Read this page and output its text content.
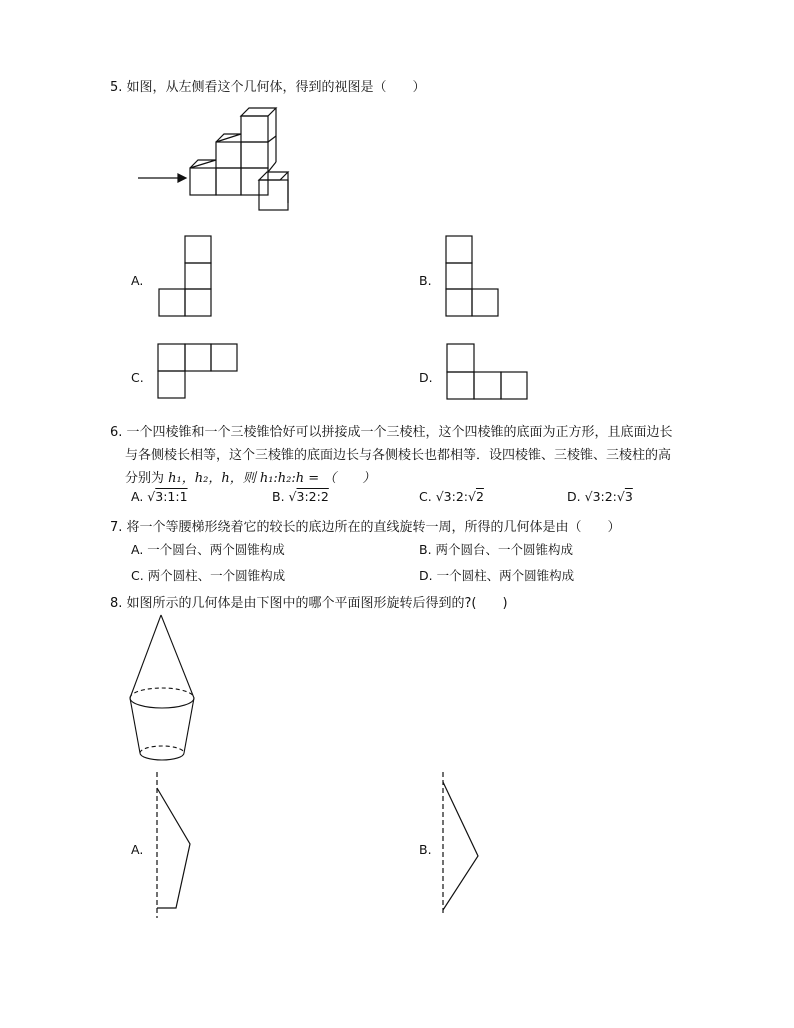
5. 如图，从左侧看这个几何体，得到的视图是（　　）
A.	B.
C.	D.
6. 一个四棱锥和一个三棱锥恰好可以拼接成一个三棱柱，这个四棱锥的底面为正方形，且底面边长
与各侧棱长相等，这个三棱锥的底面边长与各侧棱长也都相等．设四棱锥、三棱锥、三棱柱的高
分别为 h₁，h₂，h，则 h₁:h₂:h = （　　）
A. √3:1:1	B. √3:2:2	C. √3:2:√2	D. √3:2:√3
7. 将一个等腰梯形绕着它的较长的底边所在的直线旋转一周，所得的几何体是由（　　）
A. 一个圆台、两个圆锥构成	B. 两个圆台、一个圆锥构成
C. 两个圆柱、一个圆锥构成	D. 一个圆柱、两个圆锥构成
8. 如图所示的几何体是由下图中的哪个平面图形旋转后得到的?(　　)
A.	B.
